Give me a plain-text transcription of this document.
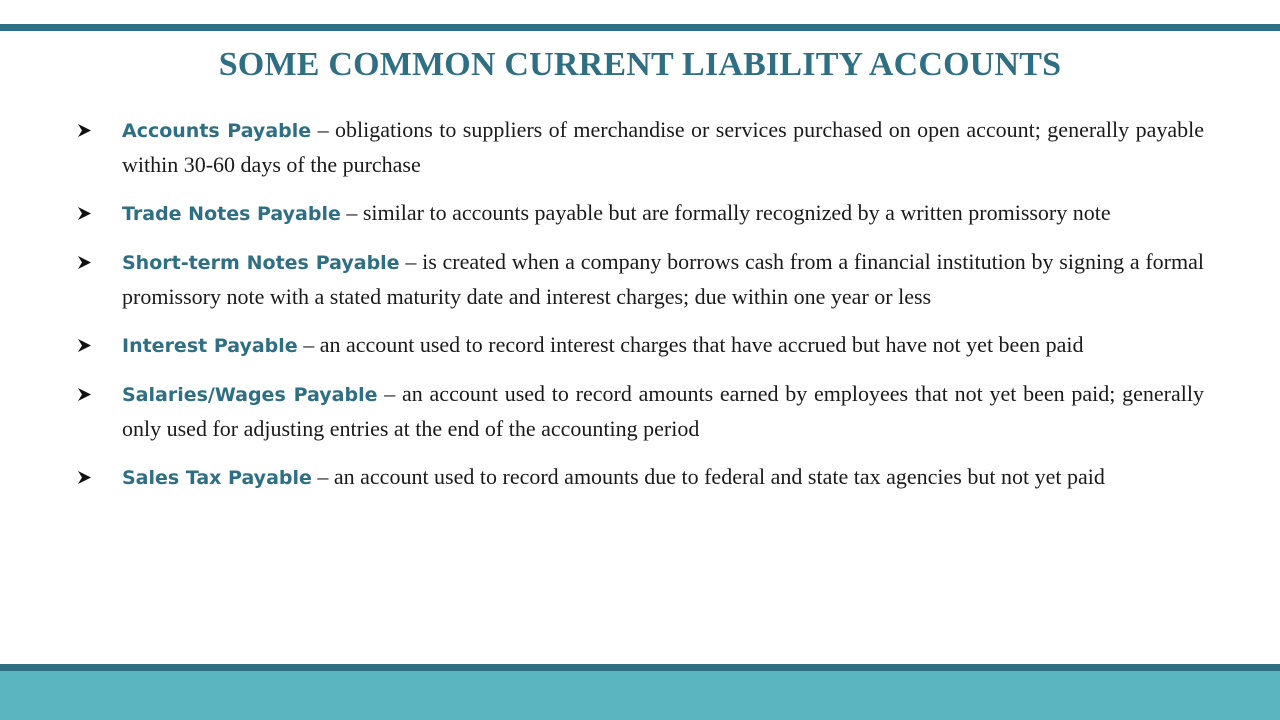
SOME COMMON CURRENT LIABILITY ACCOUNTS
Accounts Payable – obligations to suppliers of merchandise or services purchased on open account; generally payable within 30-60 days of the purchase
Trade Notes Payable – similar to accounts payable but are formally recognized by a written promissory note
Short-term Notes Payable – is created when a company borrows cash from a financial institution by signing a formal promissory note with a stated maturity date and interest charges; due within one year or less
Interest Payable – an account used to record interest charges that have accrued but have not yet been paid
Salaries/Wages Payable – an account used to record amounts earned by employees that not yet been paid; generally only used for adjusting entries at the end of the accounting period
Sales Tax Payable – an account used to record amounts due to federal and state tax agencies but not yet paid
